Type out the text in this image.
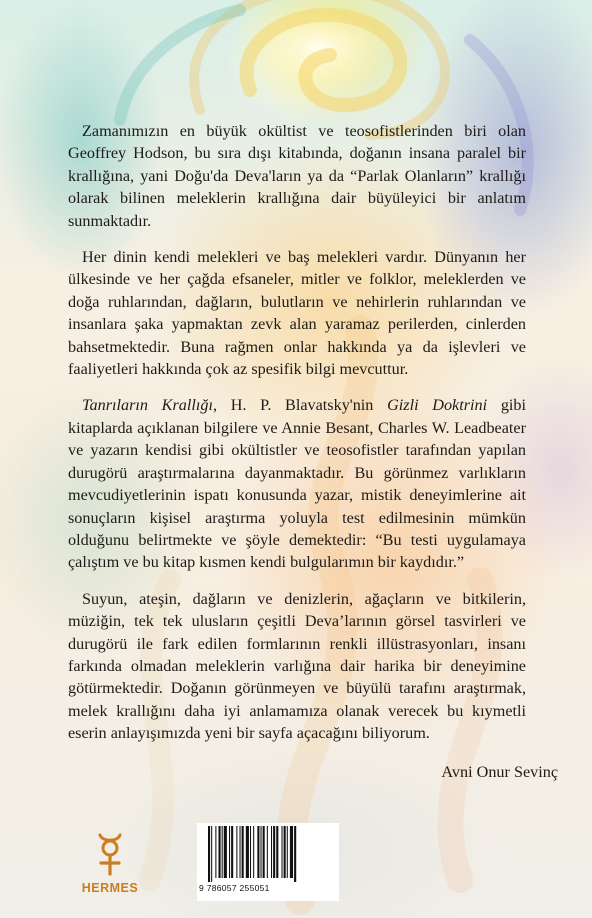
Zamanımızın en büyük okültist ve teosofistlerinden biri olan Geoffrey Hodson, bu sıra dışı kitabında, doğanın insana paralel bir krallığına, yani Doğu'da Deva'ların ya da “Parlak Olanların” krallığı olarak bilinen meleklerin krallığına dair büyüleyici bir anlatım sunmaktadır.

Her dinin kendi melekleri ve baş melekleri vardır. Dünyanın her ülkesinde ve her çağda efsaneler, mitler ve folklor, meleklerden ve doğa ruhlarından, dağların, bulutların ve nehirlerin ruhlarından ve insanlara şaka yapmaktan zevk alan yaramaz perilerden, cinlerden bahsetmektedir. Buna rağmen onlar hakkında ya da işlevleri ve faaliyetleri hakkında çok az spesifik bilgi mevcuttur.

Tanrıların Krallığı, H. P. Blavatsky'nin Gizli Doktrini gibi kitaplarda açıklanan bilgilere ve Annie Besant, Charles W. Leadbeater ve yazarın kendisi gibi okültistler ve teosofistler tarafından yapılan durugörü araştırmalarına dayanmaktadır. Bu görünmez varlıkların mevcudiyetlerinin ispatı konusunda yazar, mistik deneyimlerine ait sonuçların kişisel araştırma yoluyla test edilmesinin mümkün olduğunu belirtmekte ve şöyle demektedir: “Bu testi uygulamaya çalıştım ve bu kitap kısmen kendi bulgularımın bir kaydıdır.”

Suyun, ateşin, dağların ve denizlerin, ağaçların ve bitkilerin, müziğin, tek tek ulusların çeşitli Deva’larının görsel tasvirleri ve durugörü ile fark edilen formlarının renkli illüstrasyonları, insanı farkında olmadan meleklerin varlığına dair harika bir deneyimine götürmektedir. Doğanın görünmeyen ve büyülü tarafını araştırmak, melek krallığını daha iyi anlamamıza olanak verecek bu kıymetli eserin anlayışımızda yeni bir sayfa açacağını biliyorum.

Avni Onur Sevinç
HERMES	9 786057 255051
